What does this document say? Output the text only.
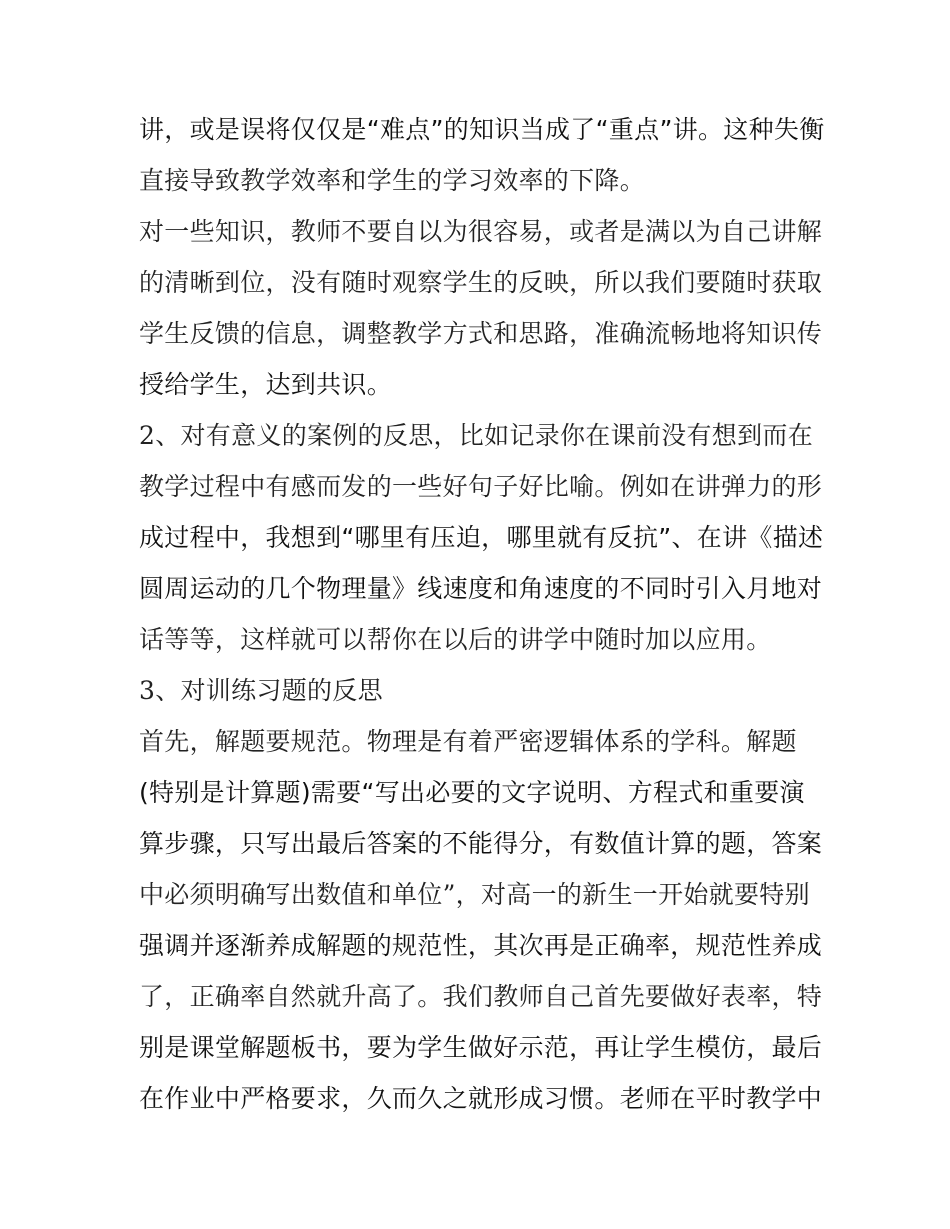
讲，或是误将仅仅是“难点”的知识当成了“重点”讲。这种失衡
直接导致教学效率和学生的学习效率的下降。
对一些知识，教师不要自以为很容易，或者是满以为自己讲解
的清晰到位，没有随时观察学生的反映，所以我们要随时获取
学生反馈的信息，调整教学方式和思路，准确流畅地将知识传
授给学生，达到共识。
2、对有意义的案例的反思，比如记录你在课前没有想到而在
教学过程中有感而发的一些好句子好比喻。例如在讲弹力的形
成过程中，我想到“哪里有压迫，哪里就有反抗”、在讲《描述
圆周运动的几个物理量》线速度和角速度的不同时引入月地对
话等等，这样就可以帮你在以后的讲学中随时加以应用。
3、对训练习题的反思
首先，解题要规范。物理是有着严密逻辑体系的学科。解题
(特别是计算题)需要“写出必要的文字说明、方程式和重要演
算步骤，只写出最后答案的不能得分，有数值计算的题，答案
中必须明确写出数值和单位”，对高一的新生一开始就要特别
强调并逐渐养成解题的规范性，其次再是正确率，规范性养成
了，正确率自然就升高了。我们教师自己首先要做好表率，特
别是课堂解题板书，要为学生做好示范，再让学生模仿，最后
在作业中严格要求，久而久之就形成习惯。老师在平时教学中
